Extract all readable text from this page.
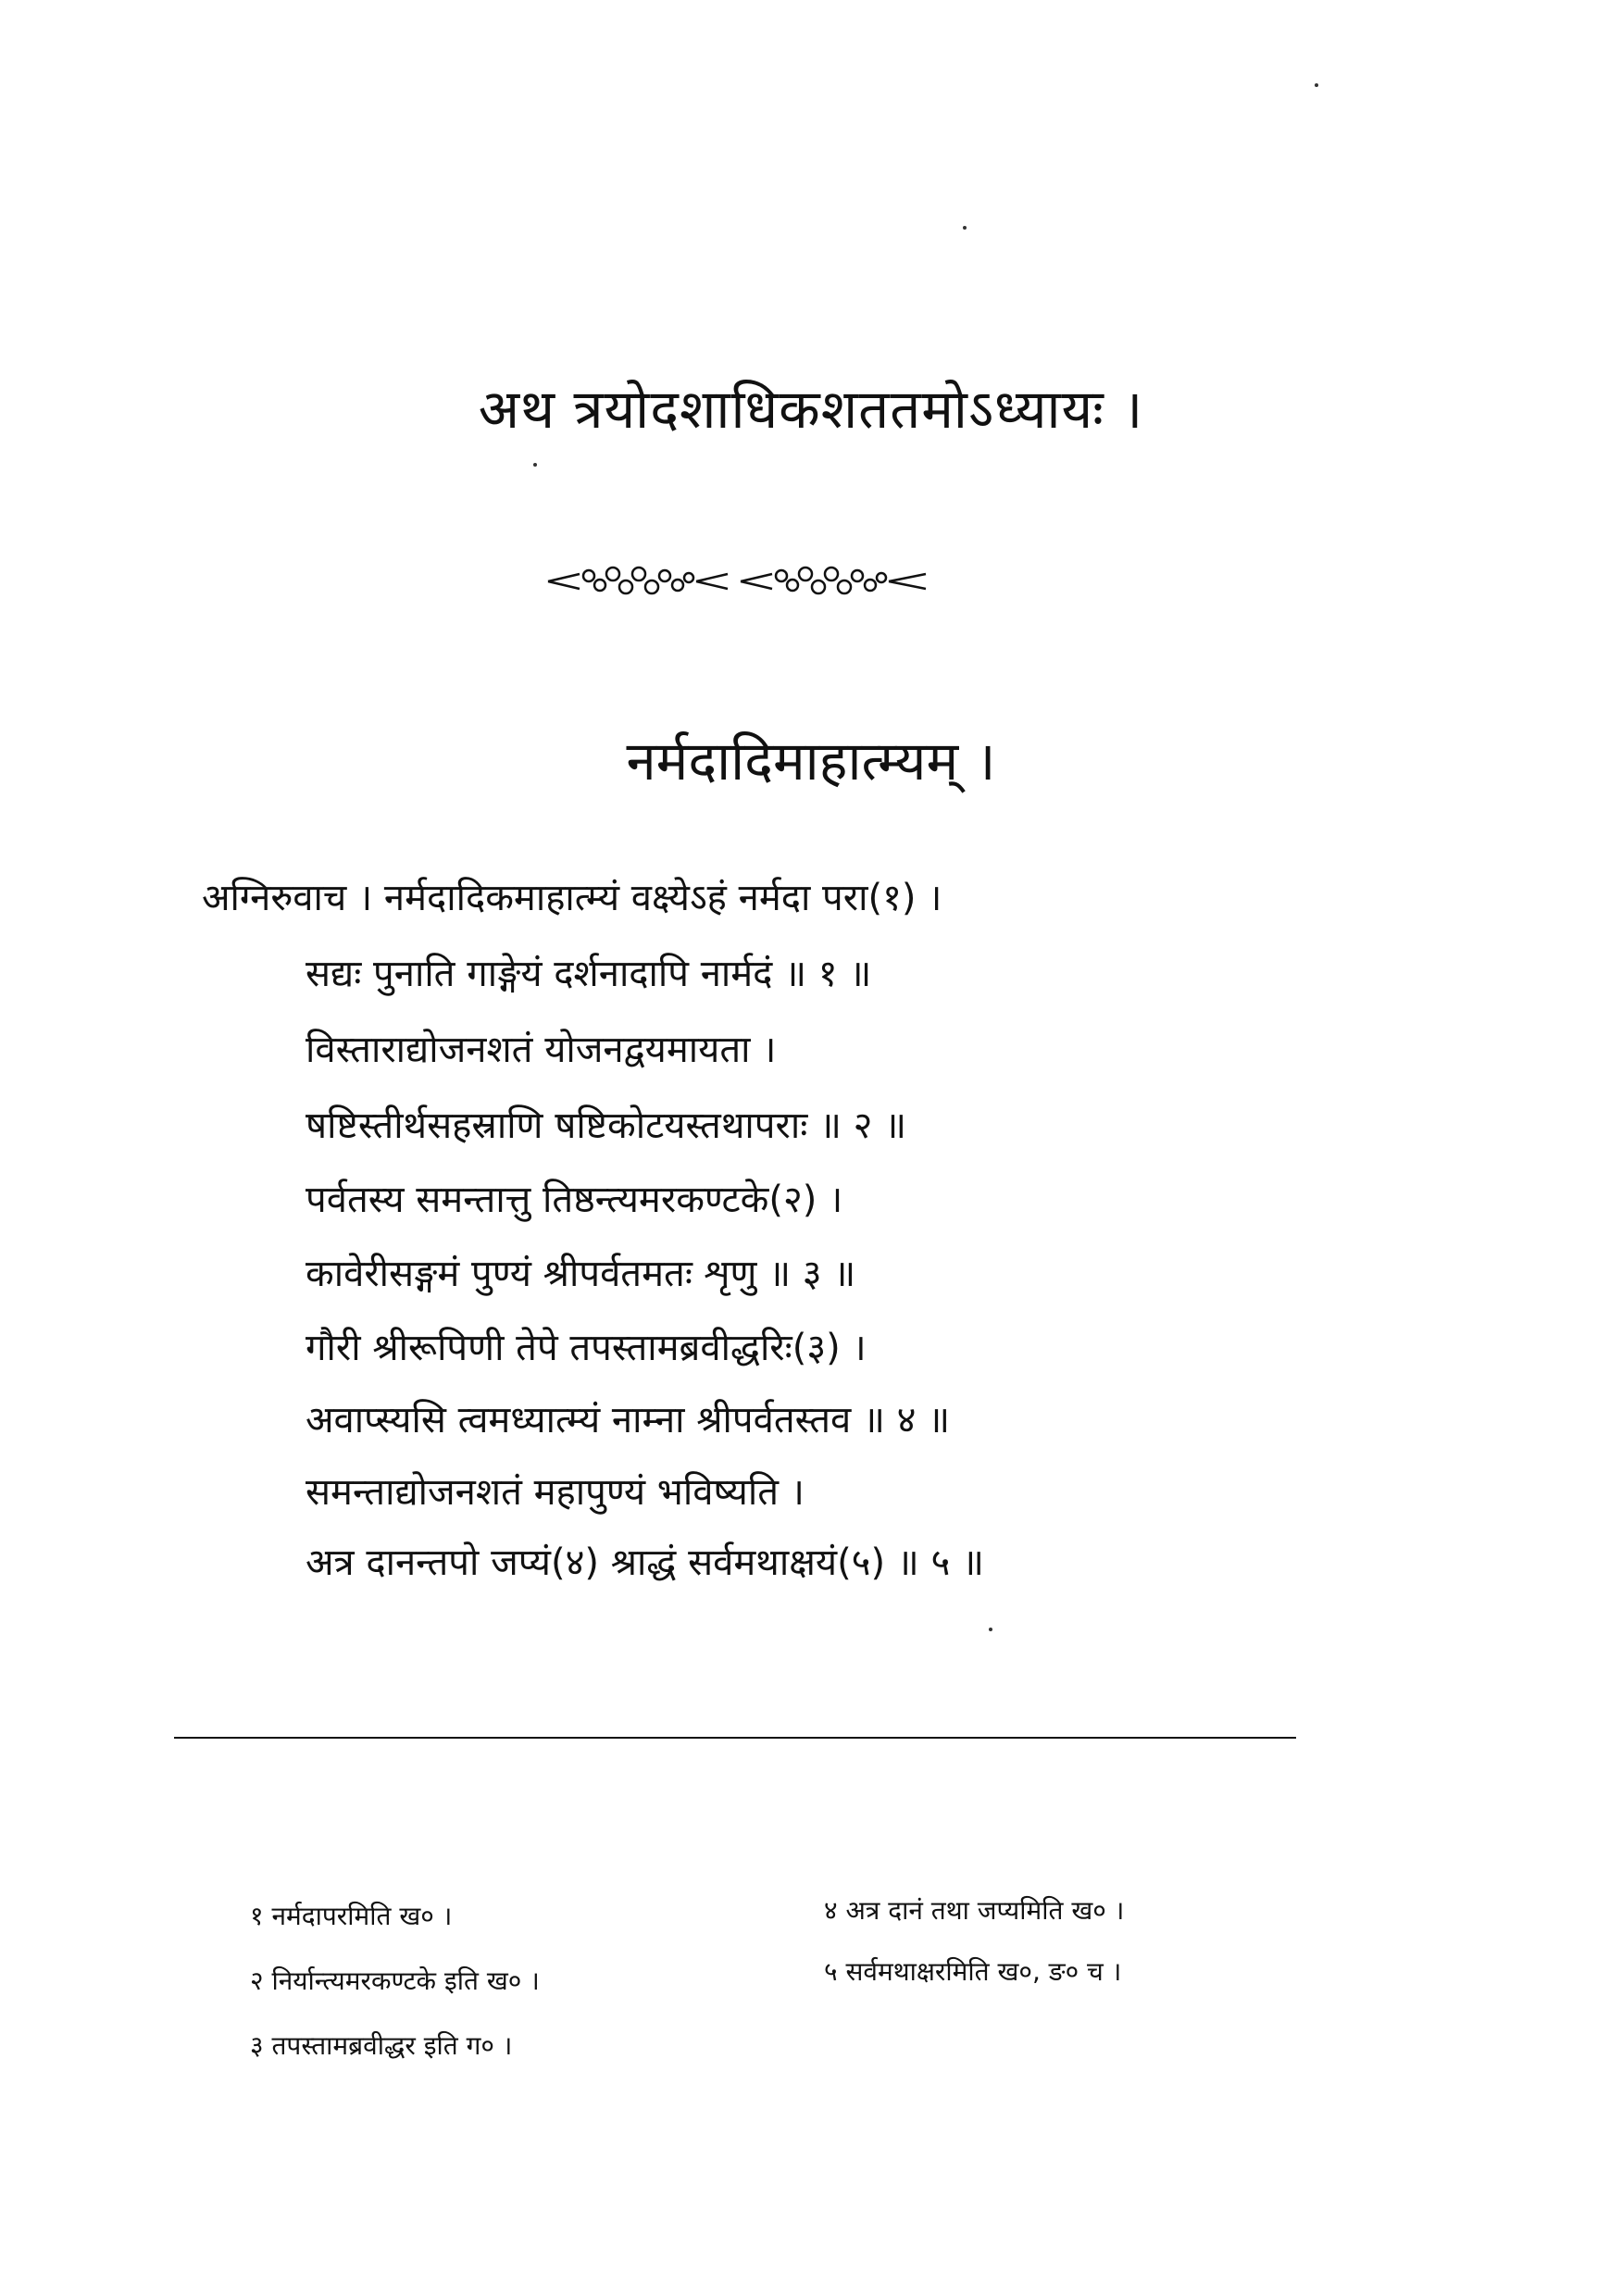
अथ त्रयोदशाधिकशततमोऽध्यायः ।
नर्मदादिमाहात्म्यम् ।
अग्निरुवाच । नर्मदादिकमाहात्म्यं वक्ष्येऽहं नर्मदा परा(१) ।
सद्यः पुनाति गाङ्गेयं दर्शनादापि नार्मदं ॥ १ ॥
विस्ताराद्योजनशतं योजनद्वयमायता ।
षष्टिस्तीर्थसहस्राणि षष्टिकोटयस्तथापराः ॥ २ ॥
पर्वतस्य समन्तात्तु तिष्ठन्त्यमरकण्टके(२) ।
कावेरीसङ्गमं पुण्यं श्रीपर्वतमतः शृणु ॥ ३ ॥
गौरी श्रीरूपिणी तेपे तपस्तामब्रवीद्धरिः(३) ।
अवाप्स्यसि त्वमध्यात्म्यं नाम्ना श्रीपर्वतस्तव ॥ ४ ॥
समन्ताद्योजनशतं महापुण्यं भविष्यति ।
अत्र दानन्तपो जप्यं(४) श्राद्धं सर्वमथाक्षयं(५) ॥ ५ ॥
१ नर्मदापरमिति ख० ।
२ निर्यान्त्यमरकण्टके इति ख० ।
३ तपस्तामब्रवीद्धर इति ग० ।
४ अत्र दानं तथा जप्यमिति ख० ।
५ सर्वमथाक्षरमिति ख०, ङ० च ।
